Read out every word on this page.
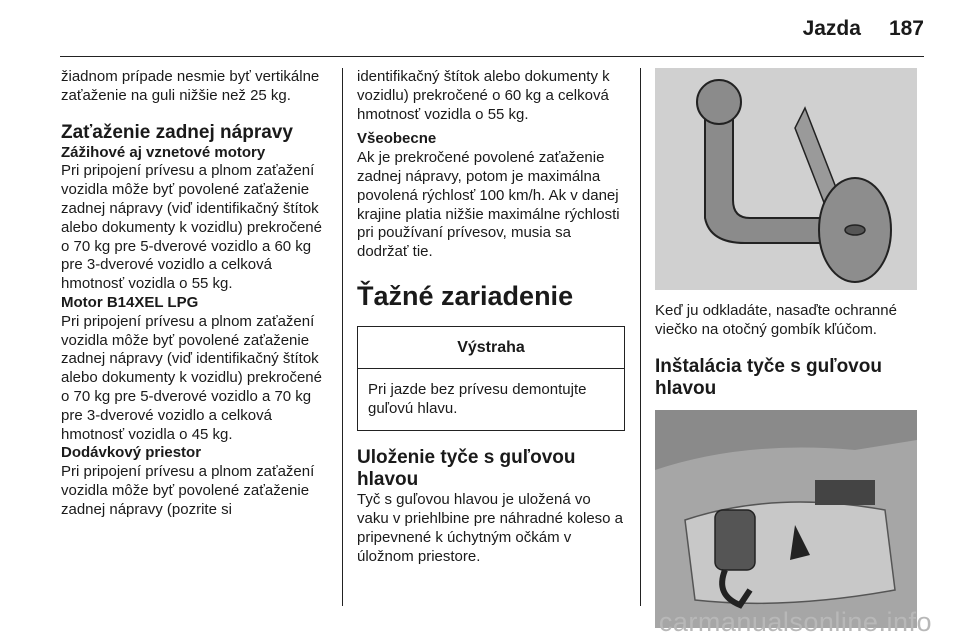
Jazda 187

žiadnom prípade nesmie byť vertikálne zaťaženie na guli nižšie než 25 kg.

Zaťaženie zadnej nápravy
Zážihové aj vznetové motory

Pri pripojení prívesu a plnom zaťažení vozidla môže byť povolené zaťaženie zadnej nápravy (viď identifikačný štítok alebo dokumenty k vozidlu) prekročené o 70 kg pre 5-dverové vozidlo a 60 kg pre 3-dverové vozidlo a celková hmotnosť vozidla o 55 kg.

Motor B14XEL LPG

Pri pripojení prívesu a plnom zaťažení vozidla môže byť povolené zaťaženie zadnej nápravy (viď identifikačný štítok alebo dokumenty k vozidlu) prekročené o 70 kg pre 5-dverové vozidlo a 70 kg pre 3-dverové vozidlo a celková hmotnosť vozidla o 45 kg.

Dodávkový priestor

Pri pripojení prívesu a plnom zaťažení vozidla môže byť povolené zaťaženie zadnej nápravy (pozrite si

identifikačný štítok alebo dokumenty k vozidlu) prekročené o 60 kg a celková hmotnosť vozidla o 55 kg.

Všeobecne

Ak je prekročené povolené zaťaženie zadnej nápravy, potom je maximálna povolená rýchlosť 100 km/h. Ak v danej krajine platia nižšie maximálne rýchlosti pri používaní prívesov, musia sa dodržať tie.

Ťažné zariadenie
Výstraha
Pri jazde bez prívesu demontujte guľovú hlavu.
Uloženie tyče s guľovou hlavou

Tyč s guľovou hlavou je uložená vo vaku v priehlbine pre náhradné koleso a pripevnené k úchytným očkám v úložnom priestore.

Keď ju odkladáte, nasaďte ochranné viečko na otočný gombík kľúčom.

Inštalácia tyče s guľovou hlavou
carmanualsonline.info
